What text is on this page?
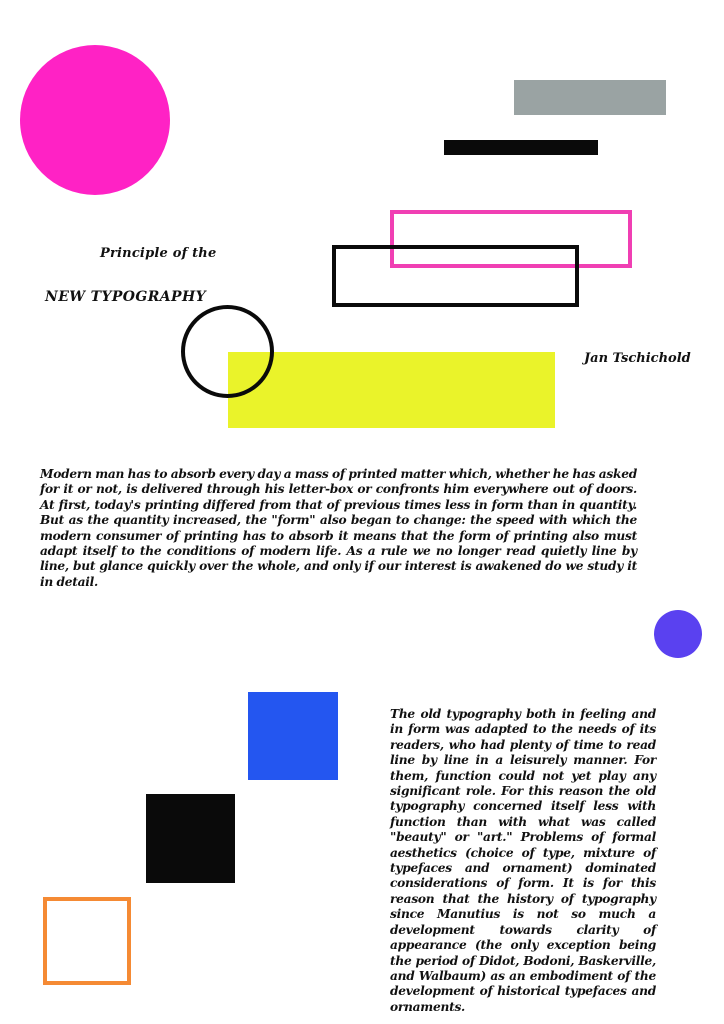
Principle of the

NEW TYPOGRAPHY

Jan Tschichold

Modern man has to absorb every day a mass of printed matter which, whether he has asked for it or not, is delivered through his letter-box or confronts him everywhere out of doors. At first, today's printing differed from that of previous times less in form than in quantity. But as the quantity increased, the "form" also began to change: the speed with which the modern consumer of printing has to absorb it means that the form of printing also must adapt itself to the conditions of modern life. As a rule we no longer read quietly line by line, but glance quickly over the whole, and only if our interest is awakened do we study it in detail.

The old typography both in feeling and in form was adapted to the needs of its readers, who had plenty of time to read line by line in a leisurely manner. For them, function could not yet play any significant role. For this reason the old typography concerned itself less with function than with what was called "beauty" or "art." Problems of formal aesthetics (choice of type, mixture of typefaces and ornament) dominated considerations of form. It is for this reason that the history of typography since Manutius is not so much a development towards clarity of appearance (the only exception being the period of Didot, Bodoni, Baskerville, and Walbaum) as an embodiment of the development of historical typefaces and ornaments.
